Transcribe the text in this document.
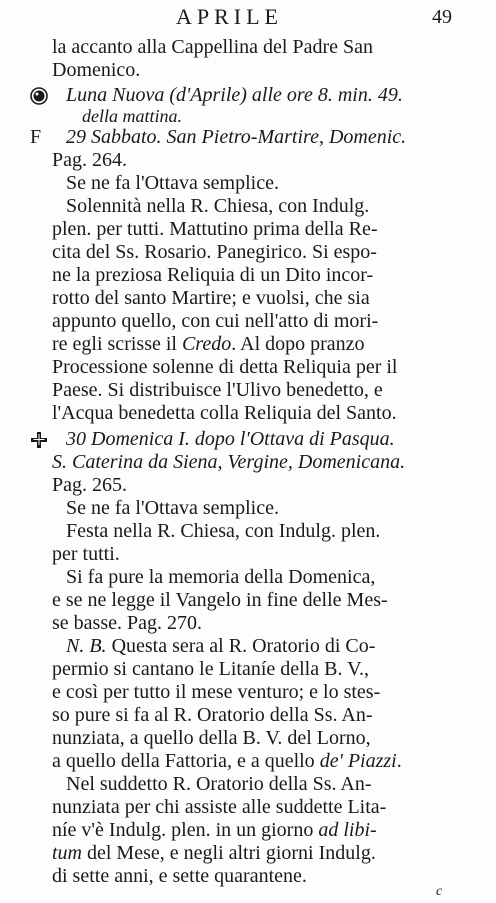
APRILE	49
la accanto alla Cappellina del Padre San
Domenico.
Luna Nuova (d'Aprile) alle ore 8. min. 49.
della mattina.
F 29 Sabbato. San Pietro-Martire, Domenic.
Pag. 264.
Se ne fa l'Ottava semplice.
Solennità nella R. Chiesa, con Indulg.
plen. per tutti. Mattutino prima della Re-
cita del Ss. Rosario. Panegirico. Si espo-
ne la preziosa Reliquia di un Dito incor-
rotto del santo Martire; e vuolsi, che sia
appunto quello, con cui nell'atto di mori-
re egli scrisse il Credo. Al dopo pranzo
Processione solenne di detta Reliquia per il
Paese. Si distribuisce l'Ulivo benedetto, e
l'Acqua benedetta colla Reliquia del Santo.
30 Domenica I. dopo l'Ottava di Pasqua.
S. Caterina da Siena, Vergine, Domenicana.
Pag. 265.
Se ne fa l'Ottava semplice.
Festa nella R. Chiesa, con Indulg. plen.
per tutti.
Si fa pure la memoria della Domenica,
e se ne legge il Vangelo in fine delle Mes-
se basse. Pag. 270.
N. B. Questa sera al R. Oratorio di Co-
permio si cantano le Litaníe della B. V.,
e così per tutto il mese venturo; e lo stes-
so pure si fa al R. Oratorio della Ss. An-
nunziata, a quello della B. V. del Lorno,
a quello della Fattoria, e a quello de' Piazzi.
Nel suddetto R. Oratorio della Ss. An-
nunziata per chi assiste alle suddette Lita-
níe v'è Indulg. plen. in un giorno ad libi-
tum del Mese, e negli altri giorni Indulg.
di sette anni, e sette quarantene.
c
